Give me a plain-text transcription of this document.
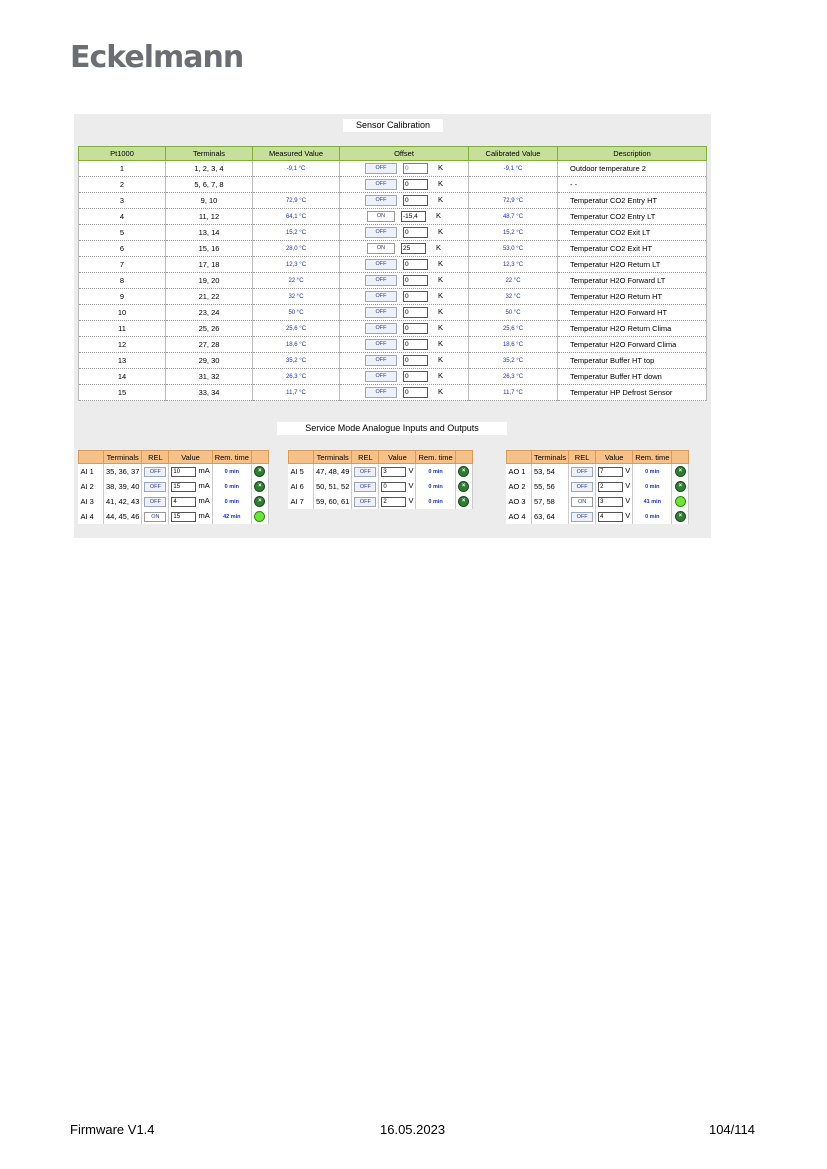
Eckelmann
Sensor Calibration
Pt1000	Terminals	Measured Value	Offset	Calibrated Value	Description
1	1, 2, 3, 4	-9,1 °C	OFF 0 K	-9,1 °C	Outdoor temperature 2
2	5, 6, 7, 8		OFF 0 K		- -
3	9, 10	72,9 °C	OFF 0 K	72,9 °C	Temperatur CO2 Entry HT
4	11, 12	64,1 °C	ON -15,4 K	48,7 °C	Temperatur CO2 Entry LT
5	13, 14	15,2 °C	OFF 0 K	15,2 °C	Temperatur CO2 Exit LT
6	15, 16	28,0 °C	ON 25 K	53,0 °C	Temperatur CO2 Exit HT
7	17, 18	12,3 °C	OFF 0 K	12,3 °C	Temperatur H2O Return LT
8	19, 20	22 °C	OFF 0 K	22 °C	Temperatur H2O Forward LT
9	21, 22	32 °C	OFF 0 K	32 °C	Temperatur H2O Return HT
10	23, 24	50 °C	OFF 0 K	50 °C	Temperatur H2O Forward HT
11	25, 26	25,6 °C	OFF 0 K	25,6 °C	Temperatur H2O Return Clima
12	27, 28	18,6 °C	OFF 0 K	18,6 °C	Temperatur H2O Forward Clima
13	29, 30	35,2 °C	OFF 0 K	35,2 °C	Temperatur Buffer HT top
14	31, 32	26,3 °C	OFF 0 K	26,3 °C	Temperatur Buffer HT down
15	33, 34	11,7 °C	OFF 0 K	11,7 °C	Temperatur HP Defrost Sensor
Service Mode Analogue Inputs and Outputs
	Terminals	REL	Value	Rem. time	
AI 1	35, 36, 37	OFF	10 mA	0 min	×
AI 2	38, 39, 40	OFF	15 mA	0 min	×
AI 3	41, 42, 43	OFF	4 mA	0 min	×
AI 4	44, 45, 46	ON	15 mA	42 min	
	Terminals	REL	Value	Rem. time	
AI 5	47, 48, 49	OFF	3 V	0 min	×
AI 6	50, 51, 52	OFF	0 V	0 min	×
AI 7	59, 60, 61	OFF	2 V	0 min	×
	Terminals	REL	Value	Rem. time	
AO 1	53, 54	OFF	7 V	0 min	×
AO 2	55, 56	OFF	2 V	0 min	×
AO 3	57, 58	ON	3 V	41 min	
AO 4	63, 64	OFF	4 V	0 min	×
Firmware V1.4	16.05.2023	104/114
